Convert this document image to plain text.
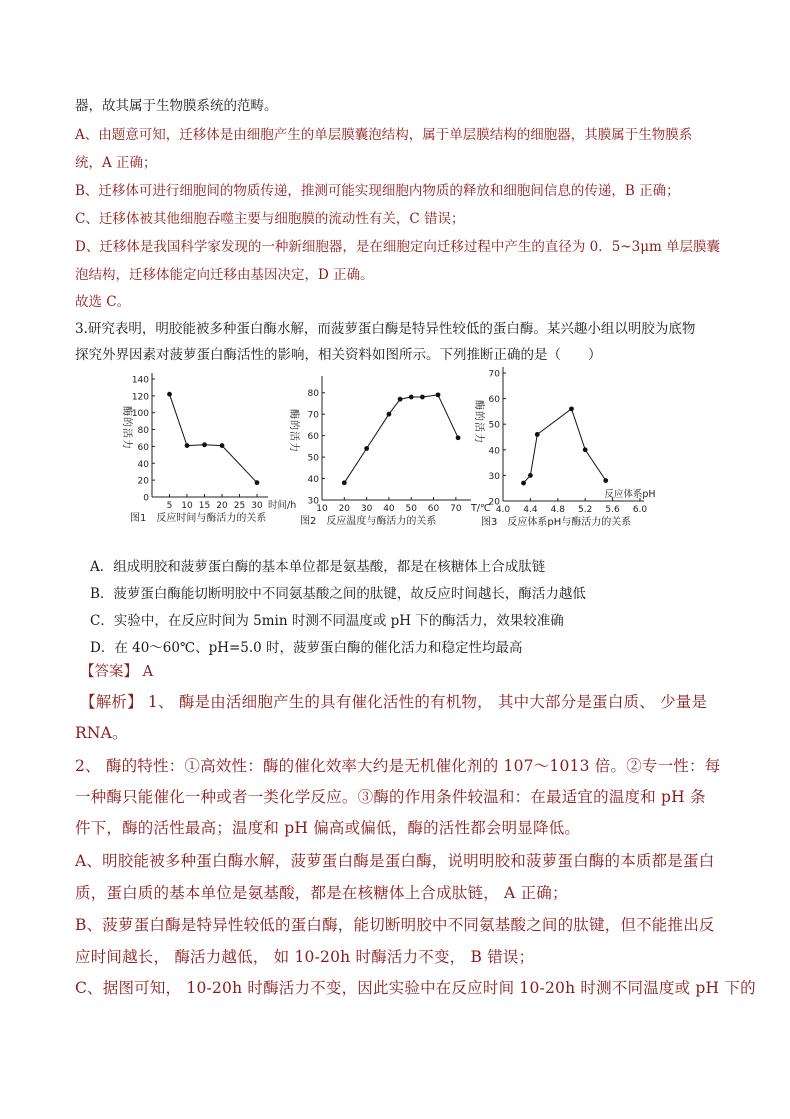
器，故其属于生物膜系统的范畴。
A、由题意可知，迁移体是由细胞产生的单层膜囊泡结构，属于单层膜结构的细胞器，其膜属于生物膜系
统，A 正确；
B、迁移体可进行细胞间的物质传递，推测可能实现细胞内物质的释放和细胞间信息的传递，B 正确；
C、迁移体被其他细胞吞噬主要与细胞膜的流动性有关，C 错误；
D、迁移体是我国科学家发现的一种新细胞器，是在细胞定向迁移过程中产生的直径为 0．5~3μm 单层膜囊
泡结构，迁移体能定向迁移由基因决定，D 正确。
故选 C。
3.研究表明，明胶能被多种蛋白酶水解，而菠萝蛋白酶是特异性较低的蛋白酶。某兴趣小组以明胶为底物
探究外界因素对菠萝蛋白酶活性的影响，相关资料如图所示。下列推断正确的是（　　）
0
20
40
60
80
100
120
140
5 10 15 20 25 30
酶
的
活
力
时间/h
图1　反应时间与酶活力的关系
30
40
50
60
70
80
10 20 30 40 50 60 70
酶
的
活
力
T/℃
图2　反应温度与酶活力的关系
20
30
40
50
60
70
4.0 4.4 4.8 5.2 5.6 6.0
酶
的
活
力
反应体系pH
图3　反应体系pH与酶活力的关系
A．组成明胶和菠萝蛋白酶的基本单位都是氨基酸，都是在核糖体上合成肽链
B．菠萝蛋白酶能切断明胶中不同氨基酸之间的肽键，故反应时间越长，酶活力越低
C．实验中，在反应时间为 5min 时测不同温度或 pH 下的酶活力，效果较准确
D．在 40～60℃、pH=5.0 时，菠萝蛋白酶的催化活力和稳定性均最高
【答案】 A
【解析】 1、 酶是由活细胞产生的具有催化活性的有机物， 其中大部分是蛋白质、 少量是
RNA。
2、 酶的特性：①高效性：酶的催化效率大约是无机催化剂的 107～1013 倍。②专一性：每
一种酶只能催化一种或者一类化学反应。③酶的作用条件较温和：在最适宜的温度和 pH 条
件下，酶的活性最高；温度和 pH 偏高或偏低，酶的活性都会明显降低。
A、明胶能被多种蛋白酶水解，菠萝蛋白酶是蛋白酶，说明明胶和菠萝蛋白酶的本质都是蛋白
质，蛋白质的基本单位是氨基酸，都是在核糖体上合成肽链， A 正确；
B、菠萝蛋白酶是特异性较低的蛋白酶，能切断明胶中不同氨基酸之间的肽键，但不能推出反
应时间越长， 酶活力越低， 如 10-20h 时酶活力不变， B 错误；
C、据图可知， 10-20h 时酶活力不变，因此实验中在反应时间 10-20h 时测不同温度或 pH 下的
